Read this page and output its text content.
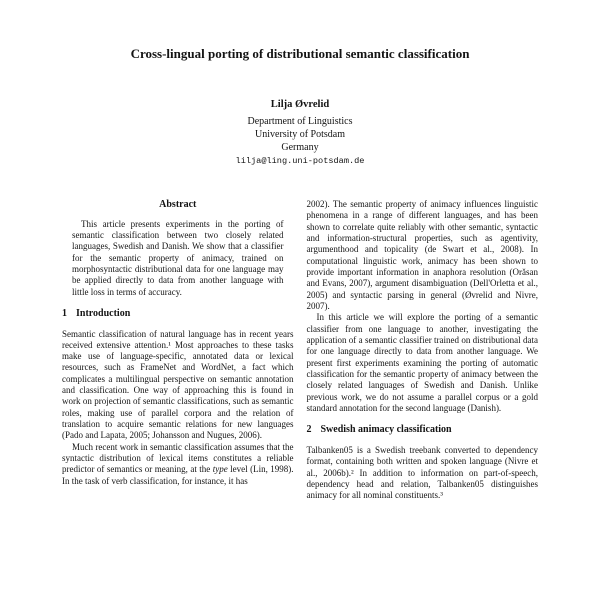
Cross-lingual porting of distributional semantic classification
Lilja Øvrelid
Department of Linguistics
University of Potsdam
Germany
lilja@ling.uni-potsdam.de
Abstract

This article presents experiments in the porting of semantic classification between two closely related languages, Swedish and Danish. We show that a classifier for the semantic property of animacy, trained on morphosyntactic distributional data for one language may be applied directly to data from another language with little loss in terms of accuracy.

1 Introduction

Semantic classification of natural language has in recent years received extensive attention.¹ Most approaches to these tasks make use of language-specific, annotated data or lexical resources, such as FrameNet and WordNet, a fact which complicates a multilingual perspective on semantic annotation and classification. One way of approaching this is found in work on projection of semantic classifications, such as semantic roles, making use of parallel corpora and the relation of translation to acquire semantic relations for new languages (Pado and Lapata, 2005; Johansson and Nugues, 2006).

Much recent work in semantic classification assumes that the syntactic distribution of lexical items constitutes a reliable predictor of semantics or meaning, at the type level (Lin, 1998). In the task of verb classification, for instance, it has

2002). The semantic property of animacy influences linguistic phenomena in a range of different languages, and has been shown to correlate quite reliably with other semantic, syntactic and information-structural properties, such as agentivity, argumenthood and topicality (de Swart et al., 2008). In computational linguistic work, animacy has been shown to provide important information in anaphora resolution (Orăsan and Evans, 2007), argument disambiguation (Dell'Orletta et al., 2005) and syntactic parsing in general (Øvrelid and Nivre, 2007).

In this article we will explore the porting of a semantic classifier from one language to another, investigating the application of a semantic classifier trained on distributional data for one language directly to data from another language. We present first experiments examining the porting of automatic classification for the semantic property of animacy between the closely related languages of Swedish and Danish. Unlike previous work, we do not assume a parallel corpus or a gold standard annotation for the second language (Danish).

2 Swedish animacy classification

Talbanken05 is a Swedish treebank converted to dependency format, containing both written and spoken language (Nivre et al., 2006b).² In addition to information on part-of-speech, dependency head and relation, Talbanken05 distinguishes animacy for all nominal constituents.³
